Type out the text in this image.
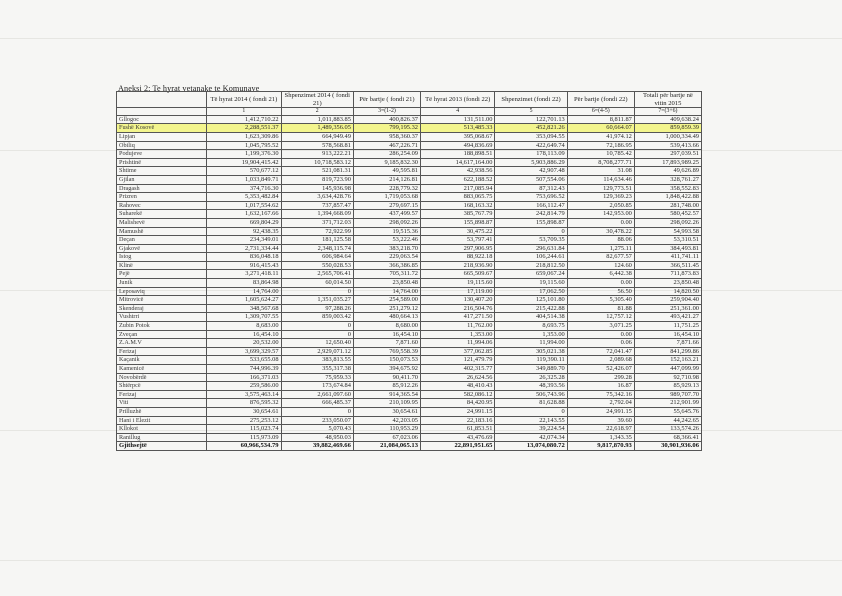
Aneksi 2: Te hyrat vetanake te Komunave
	Të hyrat 2014 ( fondi 21)	Shpenzimet 2014 ( fondi 21)	Për bartje ( fondi 21)	Të hyrat 2013 (fondi 22)	Shpenzimet (fondi 22)	Për bartje (fondi 22)	Totali për bartje në vitin 2015
	1	2	3=(1-2)	4	5	6=(4-5)	7=(3+6)
Gllogoc	1,412,710.22	1,011,883.85	400,826.37	131,511.00	122,701.13	8,811.87	409,638.24
Fushë Kosovë	2,288,551.37	1,489,356.05	799,195.32	513,485.33	452,821.26	60,664.07	859,859.39
Lipjan	1,623,309.86	664,949.49	958,360.37	395,068.67	353,094.55	41,974.12	1,000,334.49
Obiliq	1,045,795.52	578,568.81	467,226.71	494,836.69	422,649.74	72,186.95	539,413.66
Podujeve	1,199,376.30	913,222.21	286,254.09	188,898.51	178,113.09	10,785.42	297,039.51
Prishtinë	19,904,415.42	10,718,583.12	9,185,832.30	14,617,164.00	5,903,886.29	8,708,277.71	17,893,989.25
Shtime	570,677.12	521,081.31	49,595.81	42,938.56	42,907.48	31.08	49,626.89
Gjilan	1,033,849.71	819,723.90	214,126.81	622,188.52	507,554.06	114,634.46	328,761.27
Dragash	374,716.30	145,936.98	228,779.32	217,085.94	87,312.43	129,773.51	358,552.83
Prizren	5,353,482.84	3,634,428.76	1,719,053.68	883,065.75	753,696.52	129,369.23	1,848,422.88
Rahovec	1,017,554.62	737,857.47	279,697.15	168,163.32	166,112.47	2,050.85	281,748.00
Suharekë	1,632,167.66	1,394,668.09	437,499.57	385,767.79	242,814.79	142,953.00	580,452.57
Malishevë	669,804.29	371,712.03	298,092.26	155,898.87	155,898.87	0.00	298,092.26
Mamushë	92,438.35	72,922.99	19,515.36	30,475.22	0	30,478.22	54,993.58
Deçan	234,349.01	181,125.58	53,222.46	53,797.41	53,709.35	88.06	53,310.51
Gjakovë	2,731,334.44	2,348,115.74	383,218.70	297,906.95	296,631.84	1,275.11	384,493.81
Istog	836,048.18	606,984.64	229,063.54	88,922.18	106,244.61	82,677.57	411,741.11
Klinë	916,415.43	550,028.53	366,386.85	218,936.90	218,812.50	124.60	366,511.45
Pejë	3,271,418.11	2,565,706.41	705,311.72	665,509.67	659,067.24	6,442.38	711,873.83
Junik	83,864.98	60,014.50	23,850.48	19,115.60	19,115.60	0.00	23,850.48
Leposaviq	14,764.00	0	14,764.00	17,119.00	17,062.50	56.50	14,820.50
Mitrovicë	1,605,624.27	1,351,035.27	254,589.00	130,407.20	125,101.80	5,305.40	259,904.40
Skenderaj	348,567.68	97,288.26	251,279.12	216,504.76	215,422.88	81.88	251,361.00
Vushtrri	1,309,707.55	859,003.42	480,664.13	417,271.50	404,514.38	12,757.12	493,421.27
Zubin Potok	8,683.00	0	8,680.00	11,762.00	8,693.75	3,071.25	11,751.25
Zveçan	16,454.10	0	16,454.10	1,353.00	1,353.00	0.00	16,454.10
Z.A.M.V	20,532.00	12,650.40	7,871.60	11,994.06	11,994.00	0.06	7,871.66
Ferizaj	3,699,329.57	2,929,071.12	769,558.39	377,062.85	305,021.38	72,041.47	841,299.86
Kaçanik	533,655.08	383,813.55	150,073.53	121,479.79	119,390.11	2,089.68	152,163.21
Kamenicë	744,996.39	355,317.38	394,675.92	402,315.77	349,889.70	52,426.07	447,099.99
Novobërdë	166,371.03	75,959.33	90,411.70	26,624.56	26,325.28	299.28	92,710.98
Shtërpcë	259,586.00	173,674.84	85,912.26	48,410.43	48,393.56	16.87	85,929.13
Ferizaj	3,575,463.14	2,661,097.60	914,365.54	582,086.12	506,743.96	75,342.16	989,707.70
Viti	876,595.32	666,485.37	210,109.95	84,420.95	81,628.88	2,792.04	212,901.99
Prilluzhë	30,654.61	0	30,654.61	24,991.15	0	24,991.15	55,645.76
Hani i Elezit	275,253.12	233,050.07	42,203.05	22,183.16	22,143.55	39.60	44,242.65
Kllokot	115,023.74	5,070.43	110,953.29	61,853.51	39,224.54	22,618.97	133,574.26
Ranillug	115,973.09	48,950.03	67,023.06	43,476.69	42,074.34	1,343.35	68,366.41
Gjithsejtë	60,966,534.79	39,882,469.66	21,084,065.13	22,891,951.65	13,074,080.72	9,817,870.93	30,901,936.06
